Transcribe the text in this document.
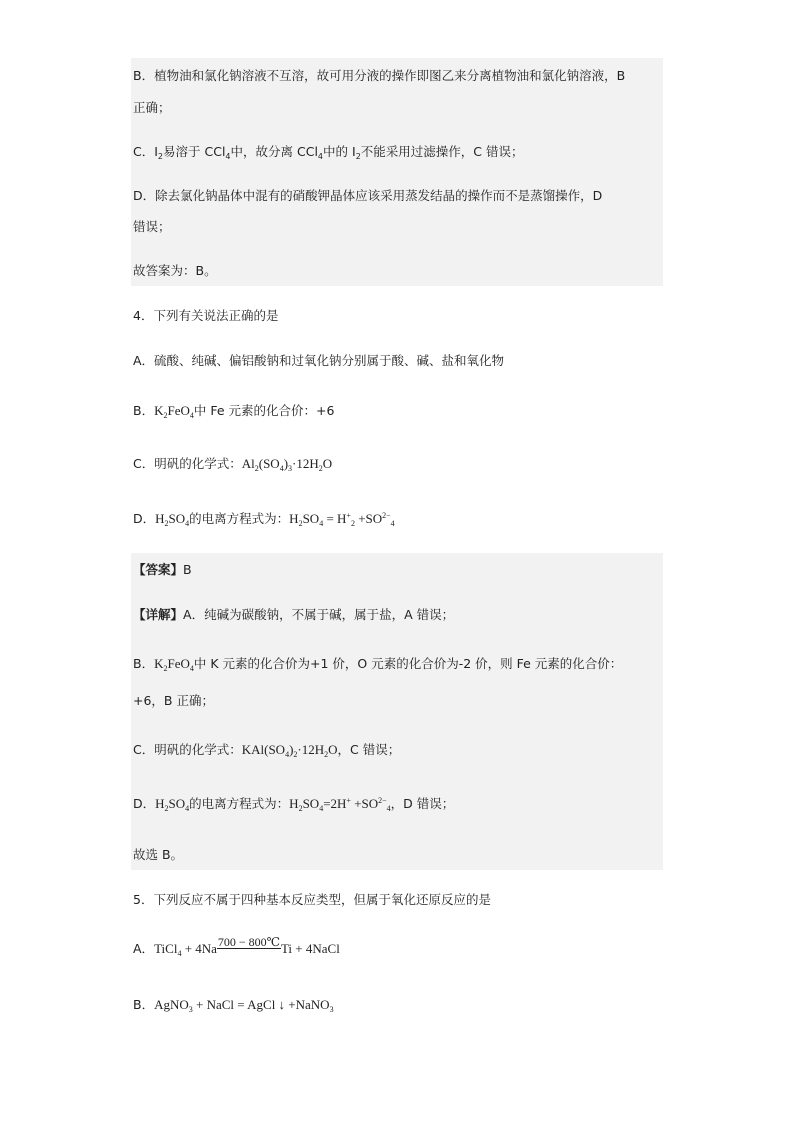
B．植物油和氯化钠溶液不互溶，故可用分液的操作即图乙来分离植物油和氯化钠溶液，B
正确；
C．$I_2$易溶于 CCl$_4$中，故分离 CCl$_4$中的 $I_2$不能采用过滤操作，C 错误；
D．除去氯化钠晶体中混有的硝酸钾晶体应该采用蒸发结晶的操作而不是蒸馏操作，D
错误；
故答案为：B。
4．下列有关说法正确的是
A．硫酸、纯碱、偏铝酸钠和过氧化钠分别属于酸、碱、盐和氧化物
B．$K_2FeO_4$中 Fe 元素的化合价：+6
C．明矾的化学式：$Al_2(SO_4)_3\cdot 12H_2O$
D．$H_2SO_4$的电离方程式为：$H_2SO_4 = H^+_2 +SO^{2-}_4$
【答案】B
【详解】A．纯碱为碳酸钠，不属于碱，属于盐，A 错误；
B．$K_2FeO_4$中 K 元素的化合价为+1 价，O 元素的化合价为-2 价，则 Fe 元素的化合价：
+6，B 正确；
C．明矾的化学式：$KAl(SO_4)_2\cdot 12H_2O$，C 错误；
D．$H_2SO_4$的电离方程式为：$H_2SO_4=2H^+ +SO^{2-}_4$，D 错误；
故选 B。
5．下列反应不属于四种基本反应类型，但属于氧化还原反应的是
A．TiCl$_4$ + 4Na 700 − 800℃ Ti + 4NaCl
B．AgNO$_3$ + NaCl = AgCl ↓ +NaNO$_3$
